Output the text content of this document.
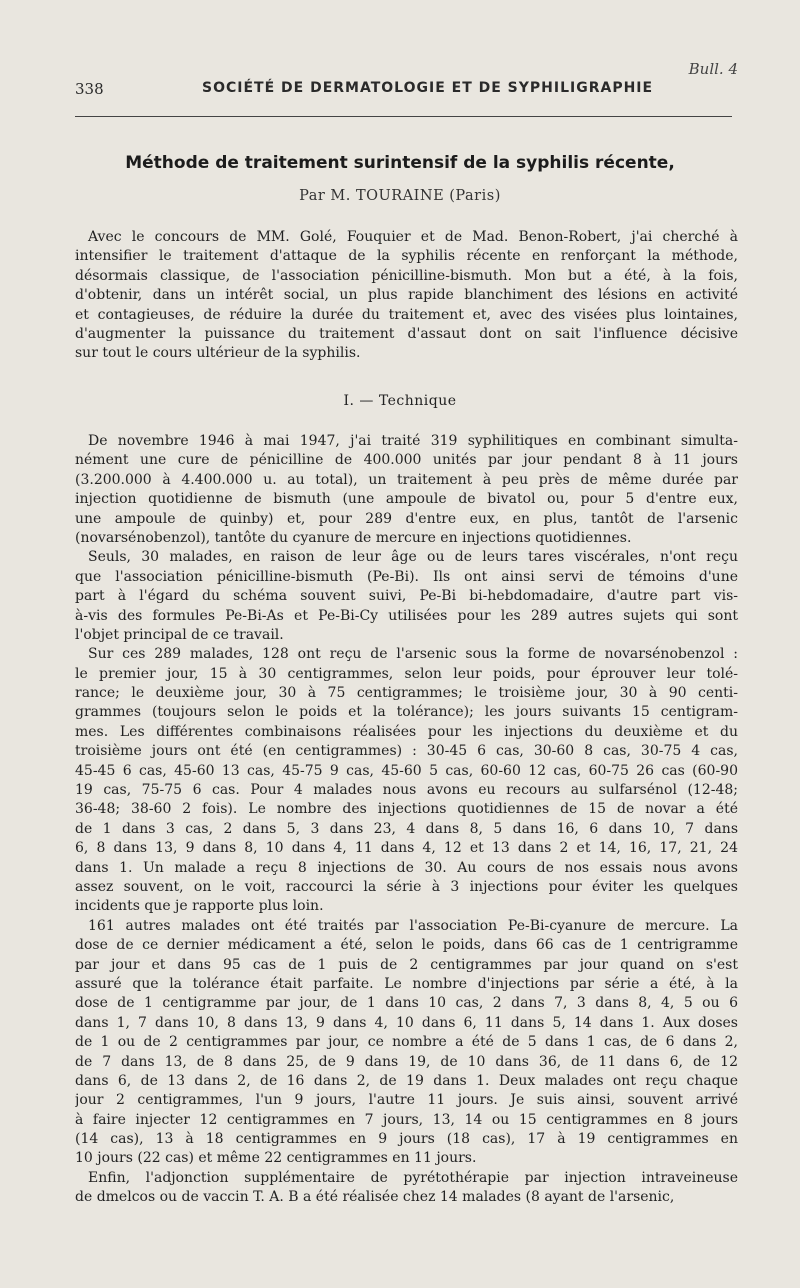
Bull. 4
338	SOCIÉTÉ DE DERMATOLOGIE ET DE SYPHILIGRAPHIE
Méthode de traitement surintensif de la syphilis récente,
Par M. TOURAINE (Paris)
Avec le concours de MM. Golé, Fouquier et de Mad. Benon-Robert, j'ai cherché à
intensifier le traitement d'attaque de la syphilis récente en renforçant la méthode,
désormais classique, de l'association pénicilline-bismuth. Mon but a été, à la fois,
d'obtenir, dans un intérêt social, un plus rapide blanchiment des lésions en activité
et contagieuses, de réduire la durée du traitement et, avec des visées plus lointaines,
d'augmenter la puissance du traitement d'assaut dont on sait l'influence décisive
sur tout le cours ultérieur de la syphilis.
I. — Technique
De novembre 1946 à mai 1947, j'ai traité 319 syphilitiques en combinant simulta-
nément une cure de pénicilline de 400.000 unités par jour pendant 8 à 11 jours
(3.200.000 à 4.400.000 u. au total), un traitement à peu près de même durée par
injection quotidienne de bismuth (une ampoule de bivatol ou, pour 5 d'entre eux,
une ampoule de quinby) et, pour 289 d'entre eux, en plus, tantôt de l'arsenic
(novarsénobenzol), tantôte du cyanure de mercure en injections quotidiennes.
Seuls, 30 malades, en raison de leur âge ou de leurs tares viscérales, n'ont reçu
que l'association pénicilline-bismuth (Pe-Bi). Ils ont ainsi servi de témoins d'une
part à l'égard du schéma souvent suivi, Pe-Bi bi-hebdomadaire, d'autre part vis-
à-vis des formules Pe-Bi-As et Pe-Bi-Cy utilisées pour les 289 autres sujets qui sont
l'objet principal de ce travail.
Sur ces 289 malades, 128 ont reçu de l'arsenic sous la forme de novarsénobenzol :
le premier jour, 15 à 30 centigrammes, selon leur poids, pour éprouver leur tolé-
rance; le deuxième jour, 30 à 75 centigrammes; le troisième jour, 30 à 90 centi-
grammes (toujours selon le poids et la tolérance); les jours suivants 15 centigram-
mes. Les différentes combinaisons réalisées pour les injections du deuxième et du
troisième jours ont été (en centigrammes) : 30-45 6 cas, 30-60 8 cas, 30-75 4 cas,
45-45 6 cas, 45-60 13 cas, 45-75 9 cas, 45-60 5 cas, 60-60 12 cas, 60-75 26 cas (60-90
19 cas, 75-75 6 cas. Pour 4 malades nous avons eu recours au sulfarsénol (12-48;
36-48; 38-60 2 fois). Le nombre des injections quotidiennes de 15 de novar a été
de 1 dans 3 cas, 2 dans 5, 3 dans 23, 4 dans 8, 5 dans 16, 6 dans 10, 7 dans
6, 8 dans 13, 9 dans 8, 10 dans 4, 11 dans 4, 12 et 13 dans 2 et 14, 16, 17, 21, 24
dans 1. Un malade a reçu 8 injections de 30. Au cours de nos essais nous avons
assez souvent, on le voit, raccourci la série à 3 injections pour éviter les quelques
incidents que je rapporte plus loin.
161 autres malades ont été traités par l'association Pe-Bi-cyanure de mercure. La
dose de ce dernier médicament a été, selon le poids, dans 66 cas de 1 centrigramme
par jour et dans 95 cas de 1 puis de 2 centigrammes par jour quand on s'est
assuré que la tolérance était parfaite. Le nombre d'injections par série a été, à la
dose de 1 centigramme par jour, de 1 dans 10 cas, 2 dans 7, 3 dans 8, 4, 5 ou 6
dans 1, 7 dans 10, 8 dans 13, 9 dans 4, 10 dans 6, 11 dans 5, 14 dans 1. Aux doses
de 1 ou de 2 centigrammes par jour, ce nombre a été de 5 dans 1 cas, de 6 dans 2,
de 7 dans 13, de 8 dans 25, de 9 dans 19, de 10 dans 36, de 11 dans 6, de 12
dans 6, de 13 dans 2, de 16 dans 2, de 19 dans 1. Deux malades ont reçu chaque
jour 2 centigrammes, l'un 9 jours, l'autre 11 jours. Je suis ainsi, souvent arrivé
à faire injecter 12 centigrammes en 7 jours, 13, 14 ou 15 centigrammes en 8 jours
(14 cas), 13 à 18 centigrammes en 9 jours (18 cas), 17 à 19 centigrammes en
10 jours (22 cas) et même 22 centigrammes en 11 jours.
Enfin, l'adjonction supplémentaire de pyrétothérapie par injection intraveineuse
de dmelcos ou de vaccin T. A. B a été réalisée chez 14 malades (8 ayant de l'arsenic,
